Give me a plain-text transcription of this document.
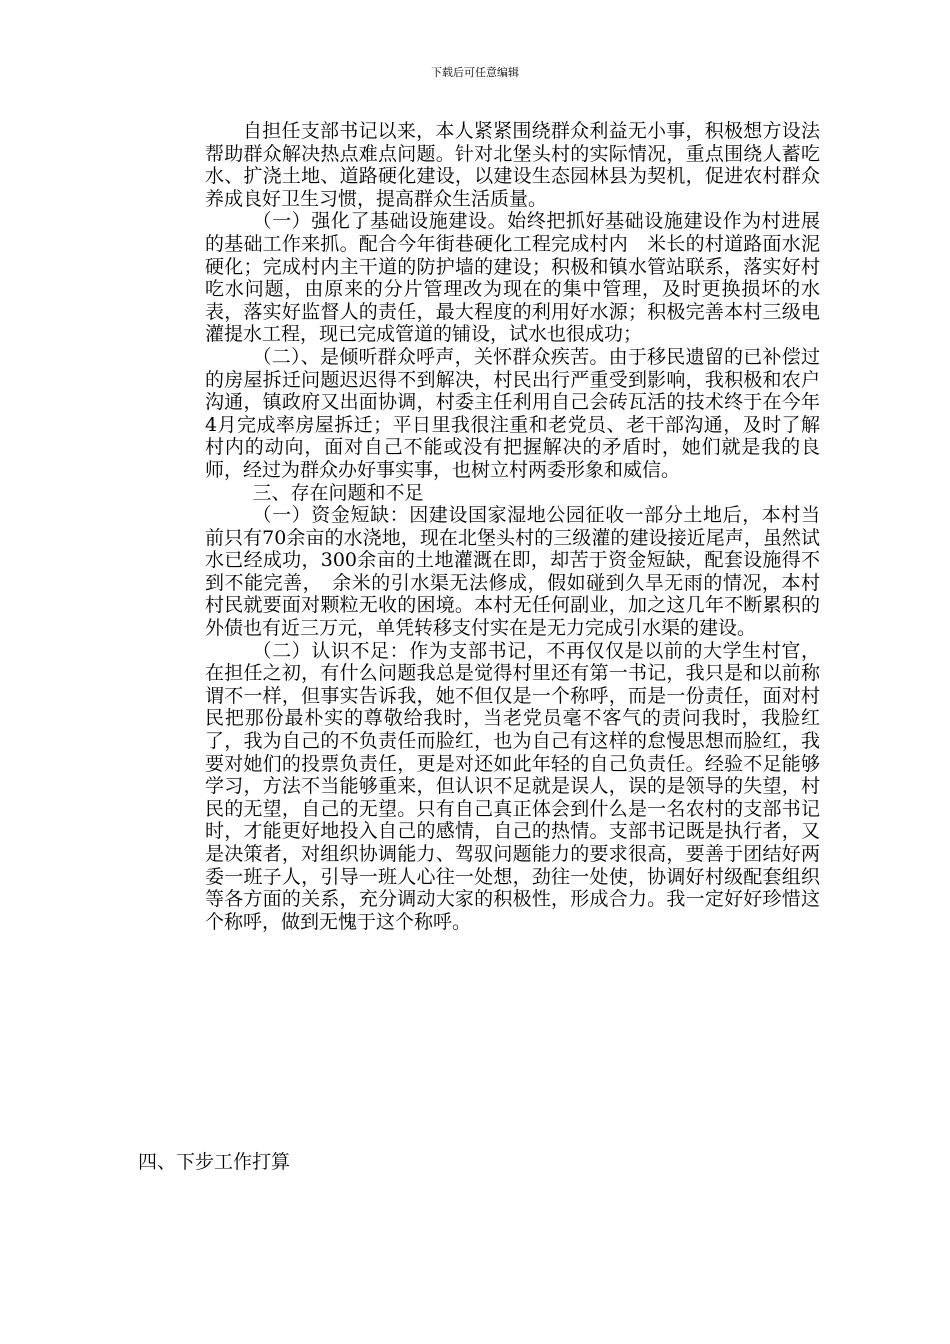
下载后可任意编辑

自担任支部书记以来，本人紧紧围绕群众利益无小事，积极想方设法帮助群众解决热点难点问题。针对北堡头村的实际情况，重点围绕人蓄吃水、扩浇土地、道路硬化建设，以建设生态园林县为契机，促进农村群众养成良好卫生习惯，提高群众生活质量。

（一）强化了基础设施建设。始终把抓好基础设施建设作为村进展的基础工作来抓。配合今年街巷硬化工程完成村内　米长的村道路面水泥硬化；完成村内主干道的防护墙的建设；积极和镇水管站联系，落实好村吃水问题，由原来的分片管理改为现在的集中管理，及时更换损坏的水表，落实好监督人的责任，最大程度的利用好水源；积极完善本村三级电灌提水工程，现已完成管道的铺设，试水也很成功；

（二）、是倾听群众呼声，关怀群众疾苦。由于移民遗留的已补偿过的房屋拆迁问题迟迟得不到解决，村民出行严重受到影响，我积极和农户沟通，镇政府又出面协调，村委主任利用自己会砖瓦活的技术终于在今年4月完成率房屋拆迁；平日里我很注重和老党员、老干部沟通，及时了解村内的动向，面对自己不能或没有把握解决的矛盾时，她们就是我的良师，经过为群众办好事实事，也树立村两委形象和威信。

三、存在问题和不足

（一）资金短缺：因建设国家湿地公园征收一部分土地后，本村当前只有70余亩的水浇地，现在北堡头村的三级灌的建设接近尾声，虽然试水已经成功，300余亩的土地灌溉在即，却苦于资金短缺，配套设施得不到不能完善，　余米的引水渠无法修成，假如碰到久旱无雨的情况，本村村民就要面对颗粒无收的困境。本村无任何副业，加之这几年不断累积的外债也有近三万元，单凭转移支付实在是无力完成引水渠的建设。

（二）认识不足：作为支部书记，不再仅仅是以前的大学生村官，在担任之初，有什么问题我总是觉得村里还有第一书记，我只是和以前称谓不一样，但事实告诉我，她不但仅是一个称呼，而是一份责任，面对村民把那份最朴实的尊敬给我时，当老党员毫不客气的责问我时，我脸红了，我为自己的不负责任而脸红，也为自己有这样的怠慢思想而脸红，我要对她们的投票负责任，更是对还如此年轻的自己负责任。经验不足能够学习，方法不当能够重来，但认识不足就是误人，误的是领导的失望，村民的无望，自己的无望。只有自己真正体会到什么是一名农村的支部书记时，才能更好地投入自己的感情，自己的热情。支部书记既是执行者，又是决策者，对组织协调能力、驾驭问题能力的要求很高，要善于团结好两委一班子人，引导一班人心往一处想，劲往一处使，协调好村级配套组织等各方面的关系，充分调动大家的积极性，形成合力。我一定好好珍惜这个称呼，做到无愧于这个称呼。

四、下步工作打算
